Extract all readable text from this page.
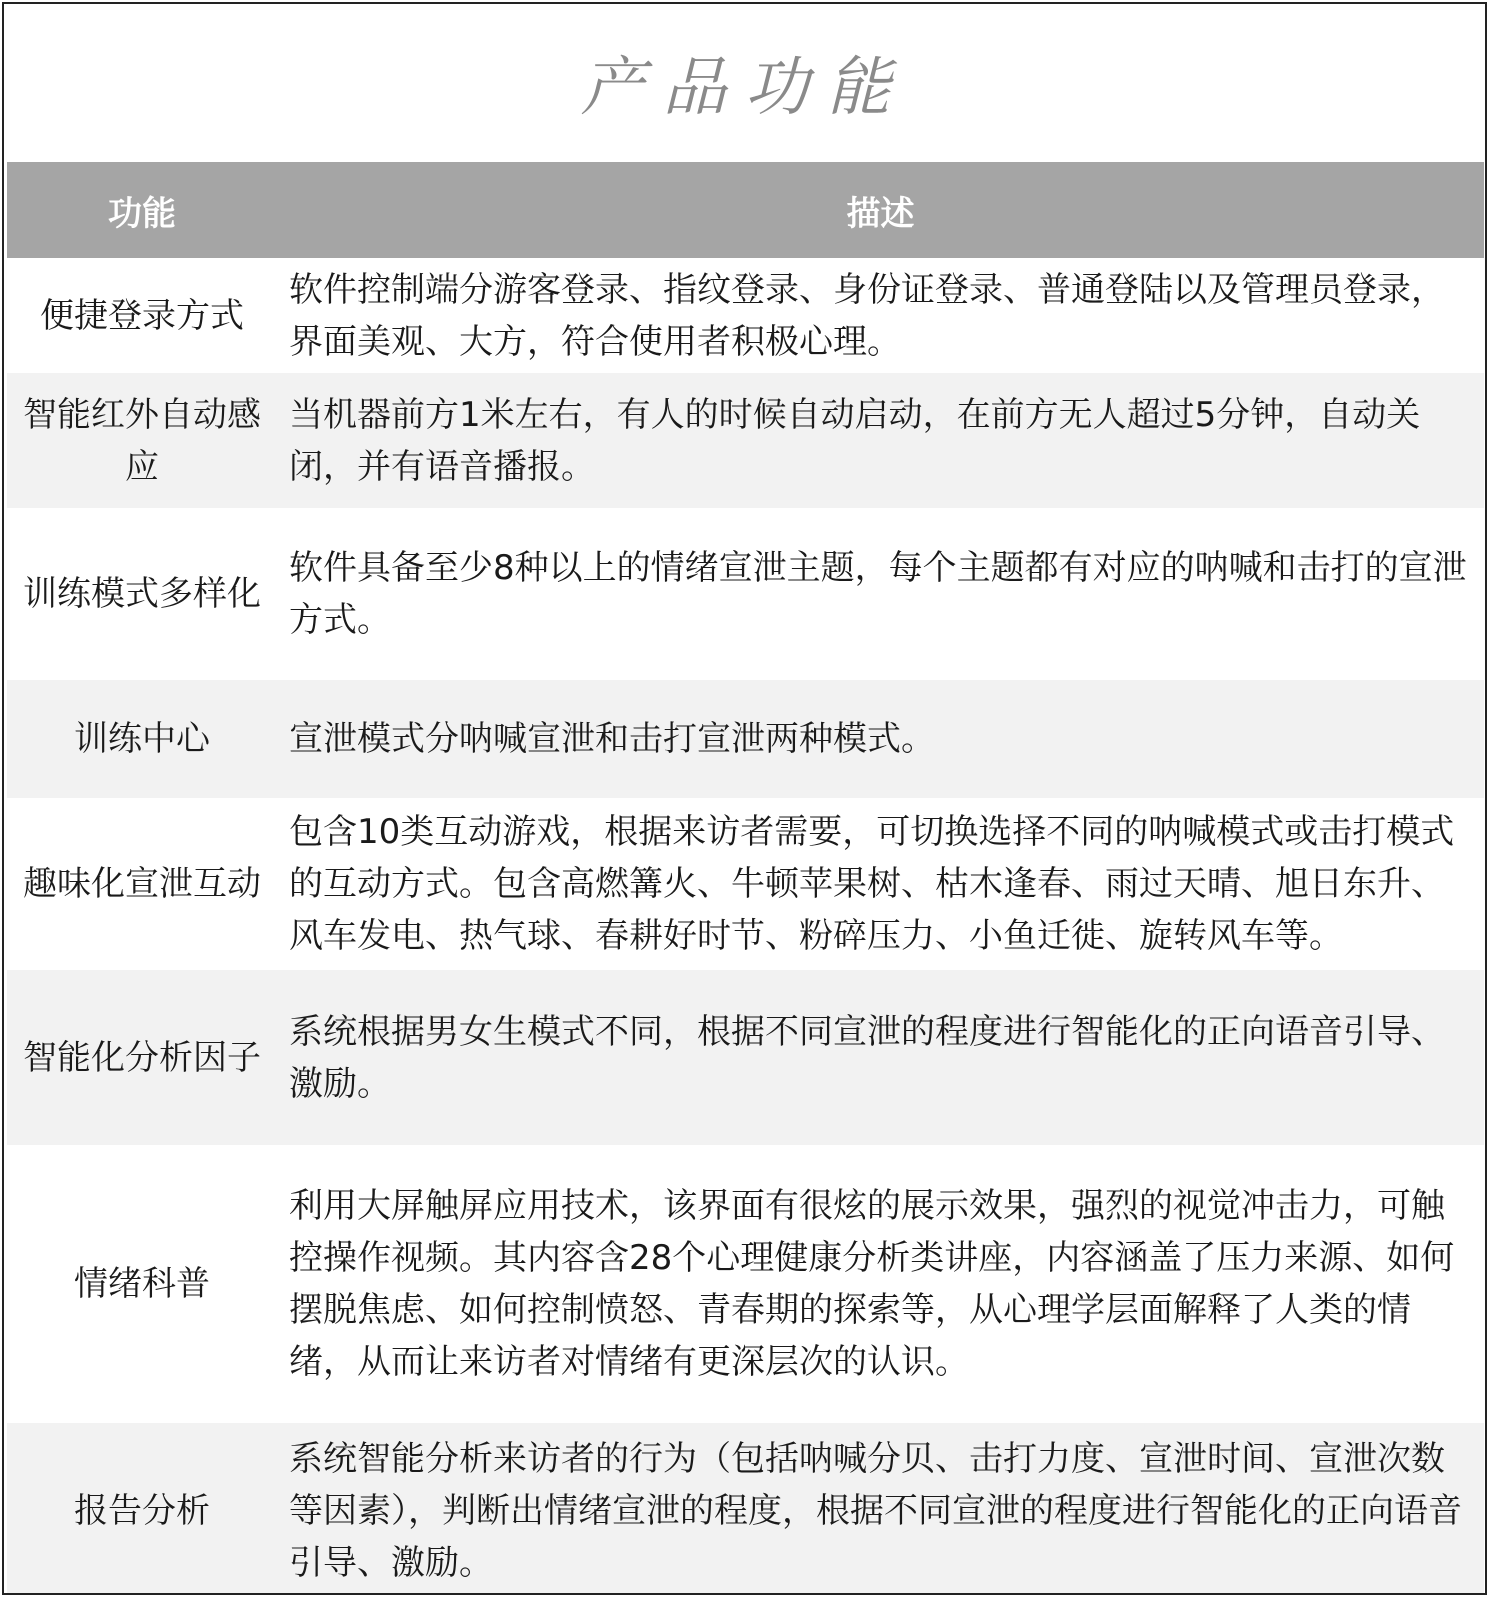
产品功能
功能	描述
便捷登录方式
软件控制端分游客登录、指纹登录、身份证登录、普通登陆以及管理员登录，界面美观、大方，符合使用者积极心理。
智能红外自动感应
当机器前方1米左右，有人的时候自动启动，在前方无人超过5分钟，自动关闭，并有语音播报。
训练模式多样化
软件具备至少8种以上的情绪宣泄主题，每个主题都有对应的呐喊和击打的宣泄方式。
训练中心	宣泄模式分呐喊宣泄和击打宣泄两种模式。
趣味化宣泄互动
包含10类互动游戏，根据来访者需要，可切换选择不同的呐喊模式或击打模式的互动方式。包含高燃篝火、牛顿苹果树、枯木逢春、雨过天晴、旭日东升、风车发电、热气球、春耕好时节、粉碎压力、小鱼迁徙、旋转风车等。
智能化分析因子
系统根据男女生模式不同，根据不同宣泄的程度进行智能化的正向语音引导、激励。
情绪科普
利用大屏触屏应用技术，该界面有很炫的展示效果，强烈的视觉冲击力，可触控操作视频。其内容含28个心理健康分析类讲座，内容涵盖了压力来源、如何摆脱焦虑、如何控制愤怒、青春期的探索等，从心理学层面解释了人类的情绪，从而让来访者对情绪有更深层次的认识。
报告分析
系统智能分析来访者的行为（包括呐喊分贝、击打力度、宣泄时间、宣泄次数等因素），判断出情绪宣泄的程度，根据不同宣泄的程度进行智能化的正向语音引导、激励。
